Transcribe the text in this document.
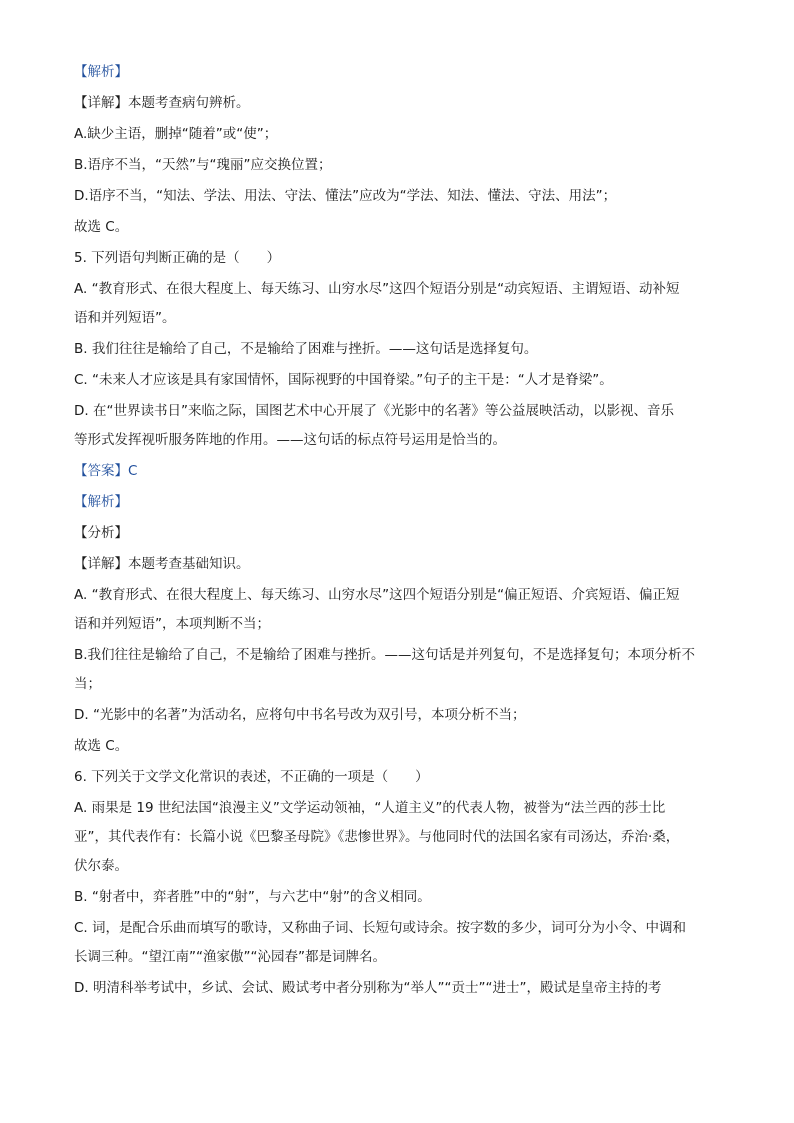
【解析】
【详解】本题考查病句辨析。
A.缺少主语，删掉“随着”或“使”；
B.语序不当，“天然”与“瑰丽”应交换位置；
D.语序不当，“知法、学法、用法、守法、懂法”应改为“学法、知法、懂法、守法、用法”；
故选 C。
5. 下列语句判断正确的是（　　）
A. “教育形式、在很大程度上、每天练习、山穷水尽”这四个短语分别是“动宾短语、主谓短语、动补短
语和并列短语”。
B. 我们往往是输给了自己，不是输给了困难与挫折。——这句话是选择复句。
C. “未来人才应该是具有家国情怀，国际视野的中国脊梁。”句子的主干是：“人才是脊梁”。
D. 在“世界读书日”来临之际，国图艺术中心开展了《光影中的名著》等公益展映活动，以影视、音乐
等形式发挥视听服务阵地的作用。——这句话的标点符号运用是恰当的。
【答案】C
【解析】
【分析】
【详解】本题考查基础知识。
A. “教育形式、在很大程度上、每天练习、山穷水尽”这四个短语分别是“偏正短语、介宾短语、偏正短
语和并列短语”，本项判断不当；
B.我们往往是输给了自己，不是输给了困难与挫折。——这句话是并列复句，不是选择复句；本项分析不
当；
D. “光影中的名著”为活动名，应将句中书名号改为双引号，本项分析不当；
故选 C。
6. 下列关于文学文化常识的表述，不正确的一项是（　　）
A. 雨果是 19 世纪法国“浪漫主义”文学运动领袖，“人道主义”的代表人物，被誉为“法兰西的莎士比
亚”，其代表作有：长篇小说《巴黎圣母院》《悲惨世界》。与他同时代的法国名家有司汤达，乔治·桑，
伏尔泰。
B. “射者中，弈者胜”中的“射”，与六艺中“射”的含义相同。
C. 词，是配合乐曲而填写的歌诗，又称曲子词、长短句或诗余。按字数的多少，词可分为小令、中调和
长调三种。“望江南”“渔家傲”“沁园春”都是词牌名。
D. 明清科举考试中，乡试、会试、殿试考中者分别称为“举人”“贡士”“进士”，殿试是皇帝主持的考
